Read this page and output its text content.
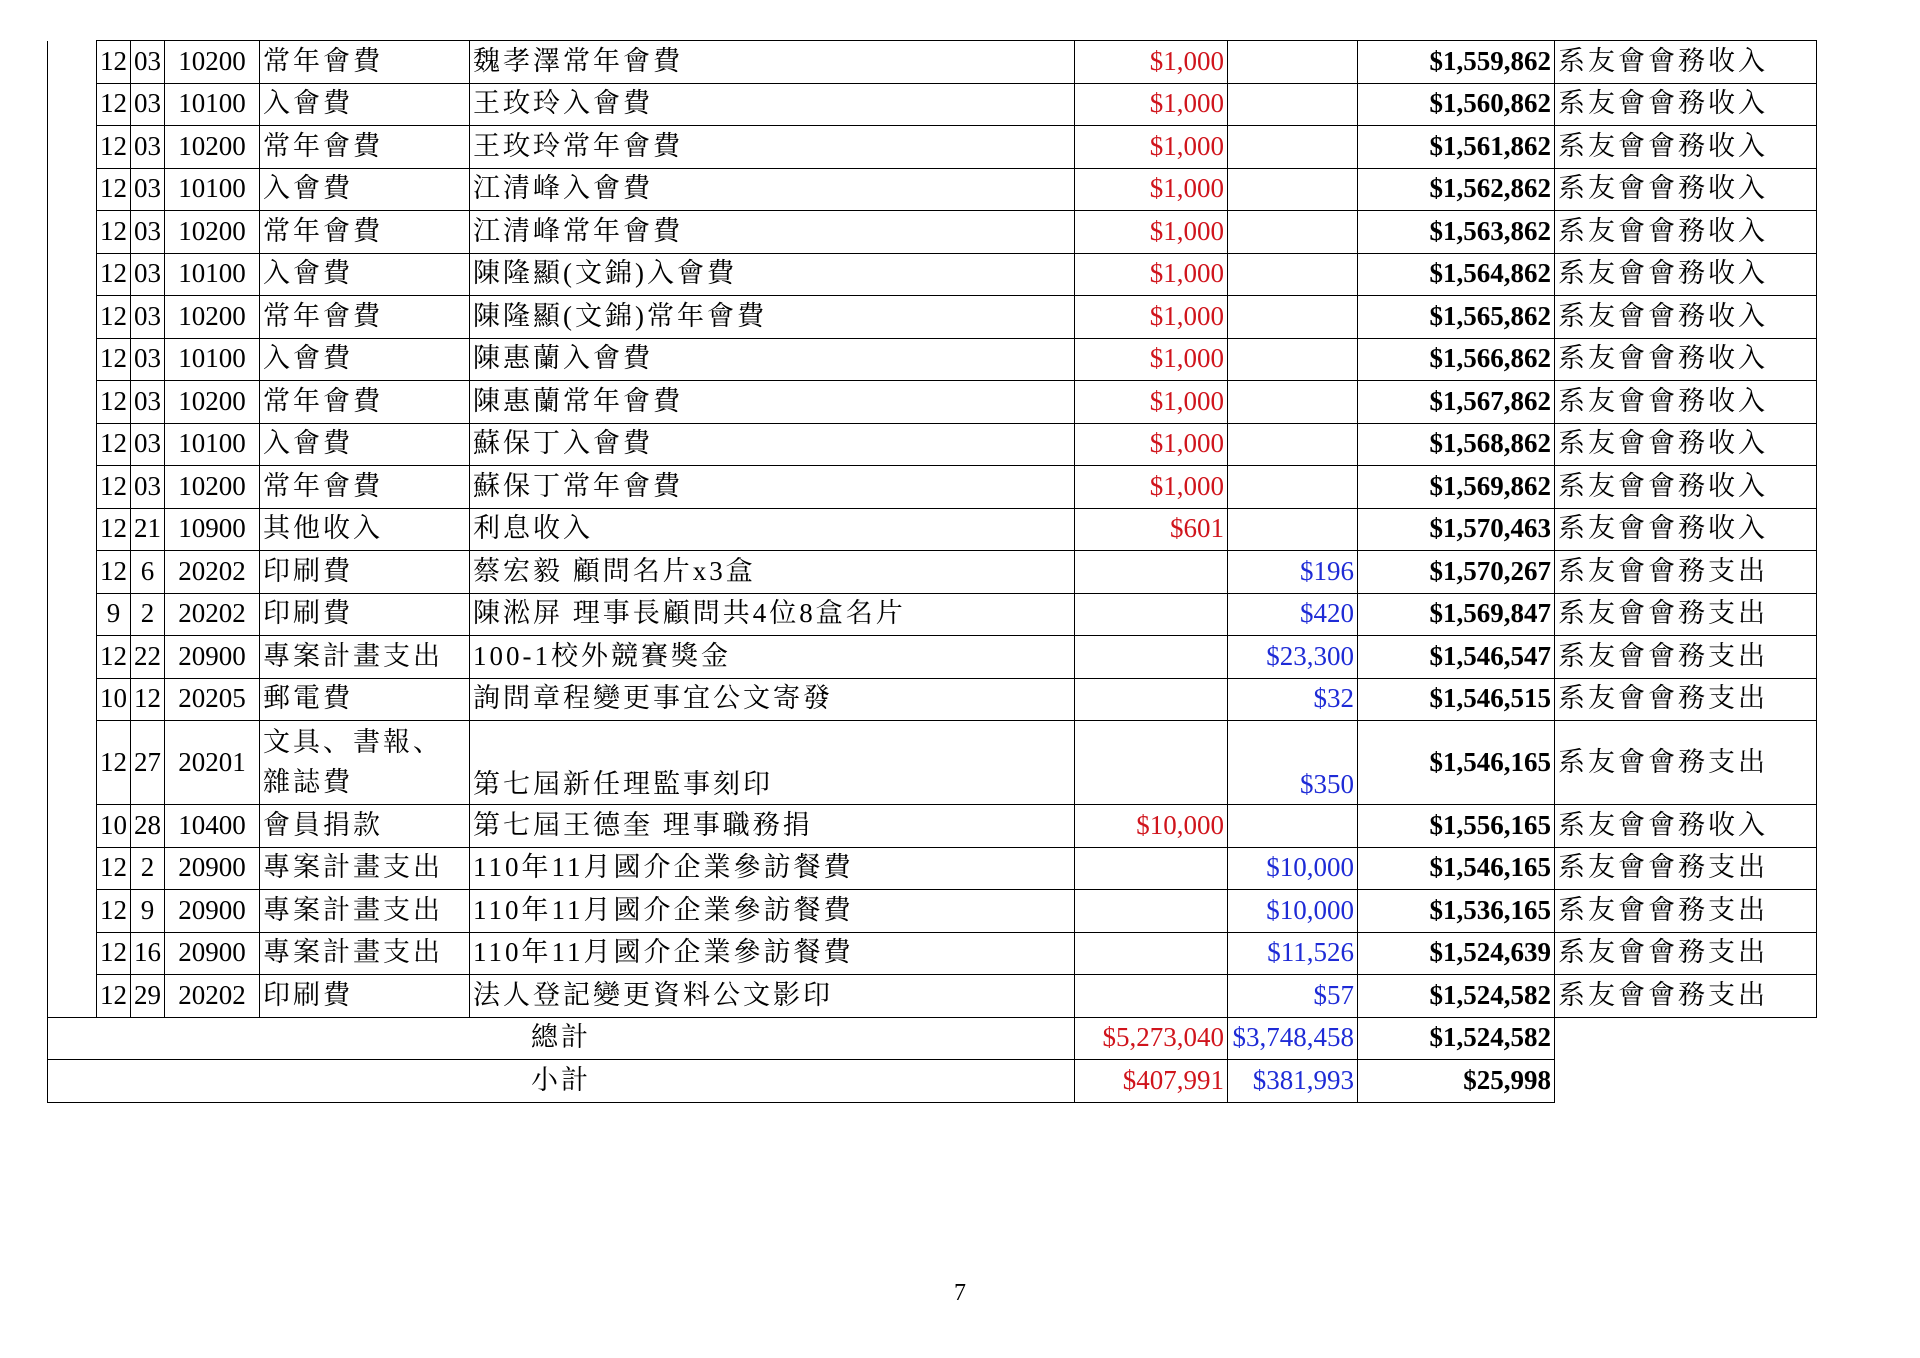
	12	03	10200	常年會費	魏孝澤常年會費	$1,000		$1,559,862	系友會會務收入
	12	03	10100	入會費	王玫玲入會費	$1,000		$1,560,862	系友會會務收入
	12	03	10200	常年會費	王玫玲常年會費	$1,000		$1,561,862	系友會會務收入
	12	03	10100	入會費	江清峰入會費	$1,000		$1,562,862	系友會會務收入
	12	03	10200	常年會費	江清峰常年會費	$1,000		$1,563,862	系友會會務收入
	12	03	10100	入會費	陳隆顯(文錦)入會費	$1,000		$1,564,862	系友會會務收入
	12	03	10200	常年會費	陳隆顯(文錦)常年會費	$1,000		$1,565,862	系友會會務收入
	12	03	10100	入會費	陳惠蘭入會費	$1,000		$1,566,862	系友會會務收入
	12	03	10200	常年會費	陳惠蘭常年會費	$1,000		$1,567,862	系友會會務收入
	12	03	10100	入會費	蘇保丁入會費	$1,000		$1,568,862	系友會會務收入
	12	03	10200	常年會費	蘇保丁常年會費	$1,000		$1,569,862	系友會會務收入
	12	21	10900	其他收入	利息收入	$601		$1,570,463	系友會會務收入
	12	6	20202	印刷費	蔡宏毅 顧問名片x3盒		$196	$1,570,267	系友會會務支出
	9	2	20202	印刷費	陳淞屏 理事長顧問共4位8盒名片		$420	$1,569,847	系友會會務支出
	12	22	20900	專案計畫支出	100-1校外競賽獎金		$23,300	$1,546,547	系友會會務支出
	10	12	20205	郵電費	詢問章程變更事宜公文寄發		$32	$1,546,515	系友會會務支出
	12	27	20201	文具、書報、雜誌費	第七屆新任理監事刻印		$350	$1,546,165	系友會會務支出
	10	28	10400	會員捐款	第七屆王德奎 理事職務捐	$10,000		$1,556,165	系友會會務收入
	12	2	20900	專案計畫支出	110年11月國介企業參訪餐費		$10,000	$1,546,165	系友會會務支出
	12	9	20900	專案計畫支出	110年11月國介企業參訪餐費		$10,000	$1,536,165	系友會會務支出
	12	16	20900	專案計畫支出	110年11月國介企業參訪餐費		$11,526	$1,524,639	系友會會務支出
	12	29	20202	印刷費	法人登記變更資料公文影印		$57	$1,524,582	系友會會務支出
總計						$5,273,040	$3,748,458	$1,524,582	
小計						$407,991	$381,993	$25,998	
7
